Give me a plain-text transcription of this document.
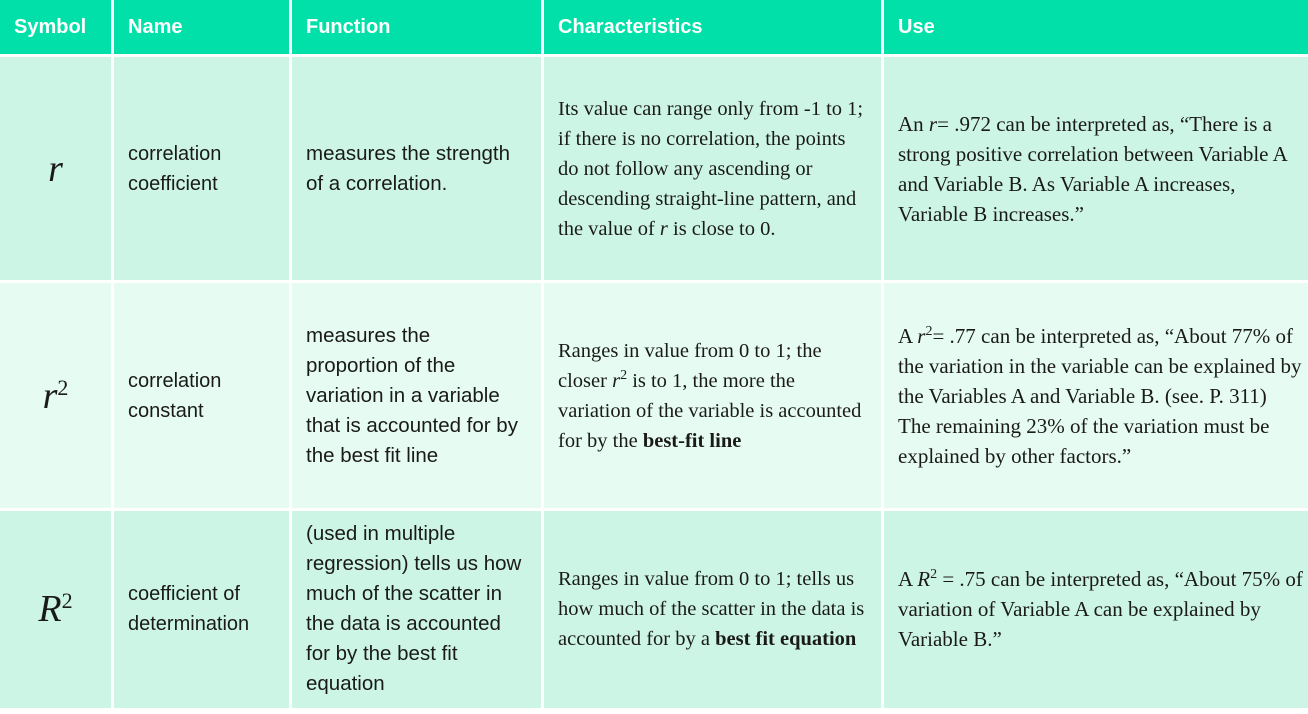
Symbol	Name	Function	Characteristics	Use
r	correlation coefficient	measures the strength of a correlation.	Its value can range only from -1 to 1; if there is no correlation, the points do not follow any ascending or descending straight-line pattern, and the value of r is close to 0.	An r= .972 can be interpreted as, “There is a strong positive correlation between Variable A and Variable B. As Variable A increases, Variable B increases.”
$r^2$	correlation constant	measures the proportion of the variation in a variable that is accounted for by the best fit line	Ranges in value from 0 to 1; the closer $r^2$ is to 1, the more the variation of the variable is accounted for by the best-fit line	A $r^2= .77$ can be interpreted as, “About 77% of the variation in the variable can be explained by the Variables A and Variable B. (see. P. 311) The remaining 23% of the variation must be explained by other factors.”
$R^2$	coefficient of determination	(used in multiple regression) tells us how much of the scatter in the data is accounted for by the best fit equation	Ranges in value from 0 to 1; tells us how much of the scatter in the data is accounted for by a best fit equation	A $R^2 = .75$ can be interpreted as, “About 75% of variation of Variable A can be explained by Variable B.”
